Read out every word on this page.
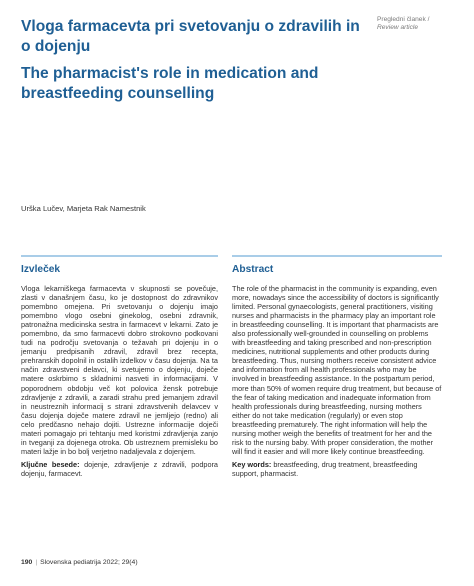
Pregledni članek /
Review article
Vloga farmacevta pri svetovanju o zdravilih in o dojenju
The pharmacist's role in medication and breastfeeding counselling
Urška Lučev, Marjeta Rak Namestnik
Izvleček

Vloga lekarniškega farmacevta v skupnosti se povečuje, zlasti v današnjem času, ko je dostopnost do zdravnikov pomembno omejena. Pri svetovanju o dojenju imajo pomembno vlogo osebni ginekolog, osebni zdravnik, patronažna medicinska sestra in farmacevt v lekarni. Zato je pomembno, da smo farmacevti dobro strokovno podkovani tudi na področju svetovanja o težavah pri dojenju in o jemanju predpisanih zdravil, zdravil brez recepta, prehranskih dopolnil in ostalih izdelkov v času dojenja. Na ta način zdravstveni delavci, ki svetujemo o dojenju, doječe matere oskrbimo s skladnimi nasveti in informacijami. V poporodnem obdobju več kot polovica žensk potrebuje zdravljenje z zdravili, a zaradi strahu pred jemanjem zdravil in neustreznih informacij s strani zdravstvenih delavcev v času dojenja doječe matere zdravil ne jemljejo (redno) ali celo predčasno nehajo dojiti. Ustrezne informacije doječi materi pomagajo pri tehtanju med koristmi zdravljenja zanjo in tveganji za dojenega otroka. Ob ustreznem premisleku bo materi lažje in bo bolj verjetno nadaljevala z dojenjem.

Ključne besede: dojenje, zdravljenje z zdravili, podpora dojenju, farmacevt.

Abstract

The role of the pharmacist in the community is expanding, even more, nowadays since the accessibility of doctors is significantly limited. Personal gynaecologists, general practitioners, visiting nurses and pharmacists in the pharmacy play an important role in breastfeeding counselling. It is important that pharmacists are also professionally well-grounded in counselling on problems with breastfeeding and taking prescribed and non-prescription medicines, nutritional supplements and other products during breastfeeding. Thus, nursing mothers receive consistent advice and information from all health professionals who may be involved in breastfeeding assistance. In the postpartum period, more than 50% of women require drug treatment, but because of the fear of taking medication and inadequate information from health professionals during breastfeeding, nursing mothers either do not take medication (regularly) or even stop breastfeeding prematurely. The right information will help the nursing mother weigh the benefits of treatment for her and the risk to the nursing baby. With proper consideration, the mother will find it easier and will more likely continue breastfeeding.

Key words: breastfeeding, drug treatment, breastfeeding support, pharmacist.

190 | Slovenska pediatrija 2022; 29(4)
